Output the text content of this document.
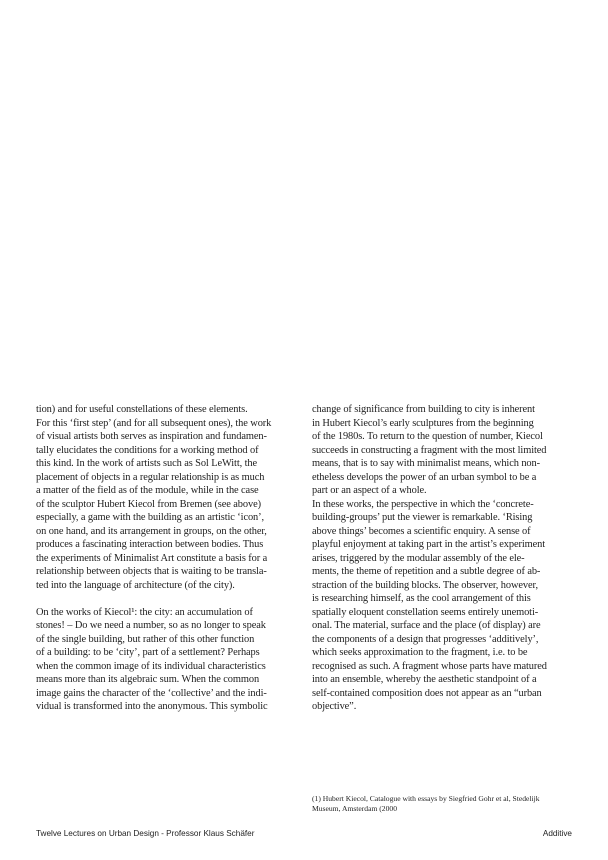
tion) and for useful constellations of these elements.
For this ‘first step’ (and for all subsequent ones), the work
of visual artists both serves as inspiration and fundamen-
tally elucidates the conditions for a working method of
this kind. In the work of artists such as Sol LeWitt, the
placement of objects in a regular relationship is as much
a matter of the field as of the module, while in the case
of the sculptor Hubert Kiecol from Bremen (see above)
especially, a game with the building as an artistic ‘icon’,
on one hand, and its arrangement in groups, on the other,
produces a fascinating interaction between bodies. Thus
the experiments of Minimalist Art constitute a basis for a
relationship between objects that is waiting to be transla-
ted into the language of architecture (of the city).

On the works of Kiecol¹: the city: an accumulation of
stones! – Do we need a number, so as no longer to speak
of the single building, but rather of this other function
of a building: to be ‘city’, part of a settlement? Perhaps
when the common image of its individual characteristics
means more than its algebraic sum. When the common
image gains the character of the ‘collective’ and the indi-
vidual is transformed into the anonymous. This symbolic

change of significance from building to city is inherent
in Hubert Kiecol’s early sculptures from the beginning
of the 1980s. To return to the question of number, Kiecol
succeeds in constructing a fragment with the most limited
means, that is to say with minimalist means, which non-
etheless develops the power of an urban symbol to be a
part or an aspect of a whole.

In these works, the perspective in which the ‘concrete-
building-groups’ put the viewer is remarkable. ‘Rising
above things’ becomes a scientific enquiry. A sense of
playful enjoyment at taking part in the artist’s experiment
arises, triggered by the modular assembly of the ele-
ments, the theme of repetition and a subtle degree of ab-
straction of the building blocks. The observer, however,
is researching himself, as the cool arrangement of this
spatially eloquent constellation seems entirely unemoti-
onal. The material, surface and the place (of display) are
the components of a design that progresses ‘additively’,
which seeks approximation to the fragment, i.e. to be
recognised as such. A fragment whose parts have matured
into an ensemble, whereby the aesthetic standpoint of a
self-contained composition does not appear as an “urban
objective”.

(1) Hubert Kiecol, Catalogue with essays by Siegfried Gohr et al, Stedelijk
Museum, Amsterdam (2000
Twelve Lectures on Urban Design - Professor Klaus Schäfer	Additive
